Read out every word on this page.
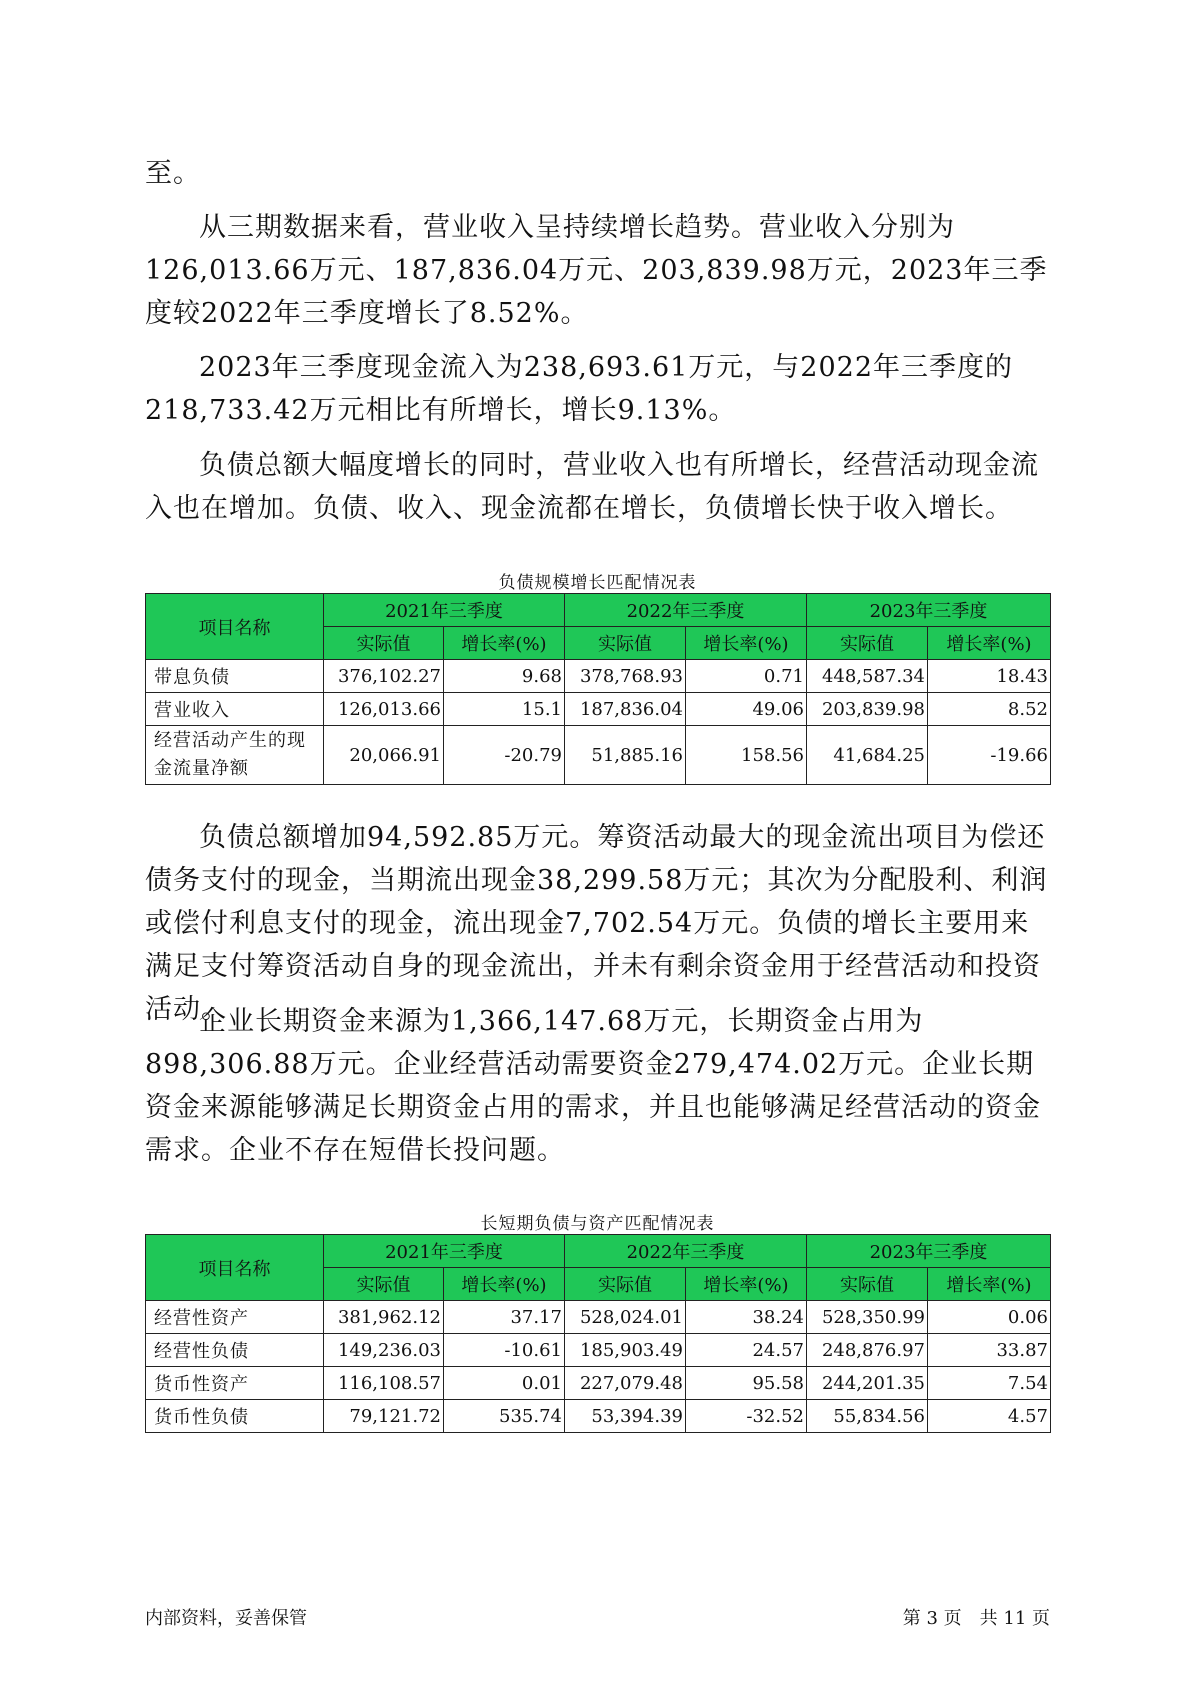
至。

从三期数据来看，营业收入呈持续增长趋势。营业收入分别为126,013.66万元、187,836.04万元、203,839.98万元，2023年三季度较2022年三季度增长了8.52%。

2023年三季度现金流入为238,693.61万元，与2022年三季度的218,733.42万元相比有所增长，增长9.13%。

负债总额大幅度增长的同时，营业收入也有所增长，经营活动现金流入也在增加。负债、收入、现金流都在增长，负债增长快于收入增长。

负债规模增长匹配情况表
项目名称	2021年三季度		2022年三季度		2023年三季度	
	实际值	增长率(%)	实际值	增长率(%)	实际值	增长率(%)
带息负债	376,102.27	9.68	378,768.93	0.71	448,587.34	18.43
营业收入	126,013.66	15.1	187,836.04	49.06	203,839.98	8.52
经营活动产生的现金流量净额	20,066.91	-20.79	51,885.16	158.56	41,684.25	-19.66

负债总额增加94,592.85万元。筹资活动最大的现金流出项目为偿还债务支付的现金，当期流出现金38,299.58万元；其次为分配股利、利润或偿付利息支付的现金，流出现金7,702.54万元。负债的增长主要用来满足支付筹资活动自身的现金流出，并未有剩余资金用于经营活动和投资活动。

企业长期资金来源为1,366,147.68万元，长期资金占用为898,306.88万元。企业经营活动需要资金279,474.02万元。企业长期资金来源能够满足长期资金占用的需求，并且也能够满足经营活动的资金需求。企业不存在短借长投问题。

长短期负债与资产匹配情况表
项目名称	2021年三季度		2022年三季度		2023年三季度	
	实际值	增长率(%)	实际值	增长率(%)	实际值	增长率(%)
经营性资产	381,962.12	37.17	528,024.01	38.24	528,350.99	0.06
经营性负债	149,236.03	-10.61	185,903.49	24.57	248,876.97	33.87
货币性资产	116,108.57	0.01	227,079.48	95.58	244,201.35	7.54
货币性负债	79,121.72	535.74	53,394.39	-32.52	55,834.56	4.57
内部资料，妥善保管	第 3 页　共 11 页
